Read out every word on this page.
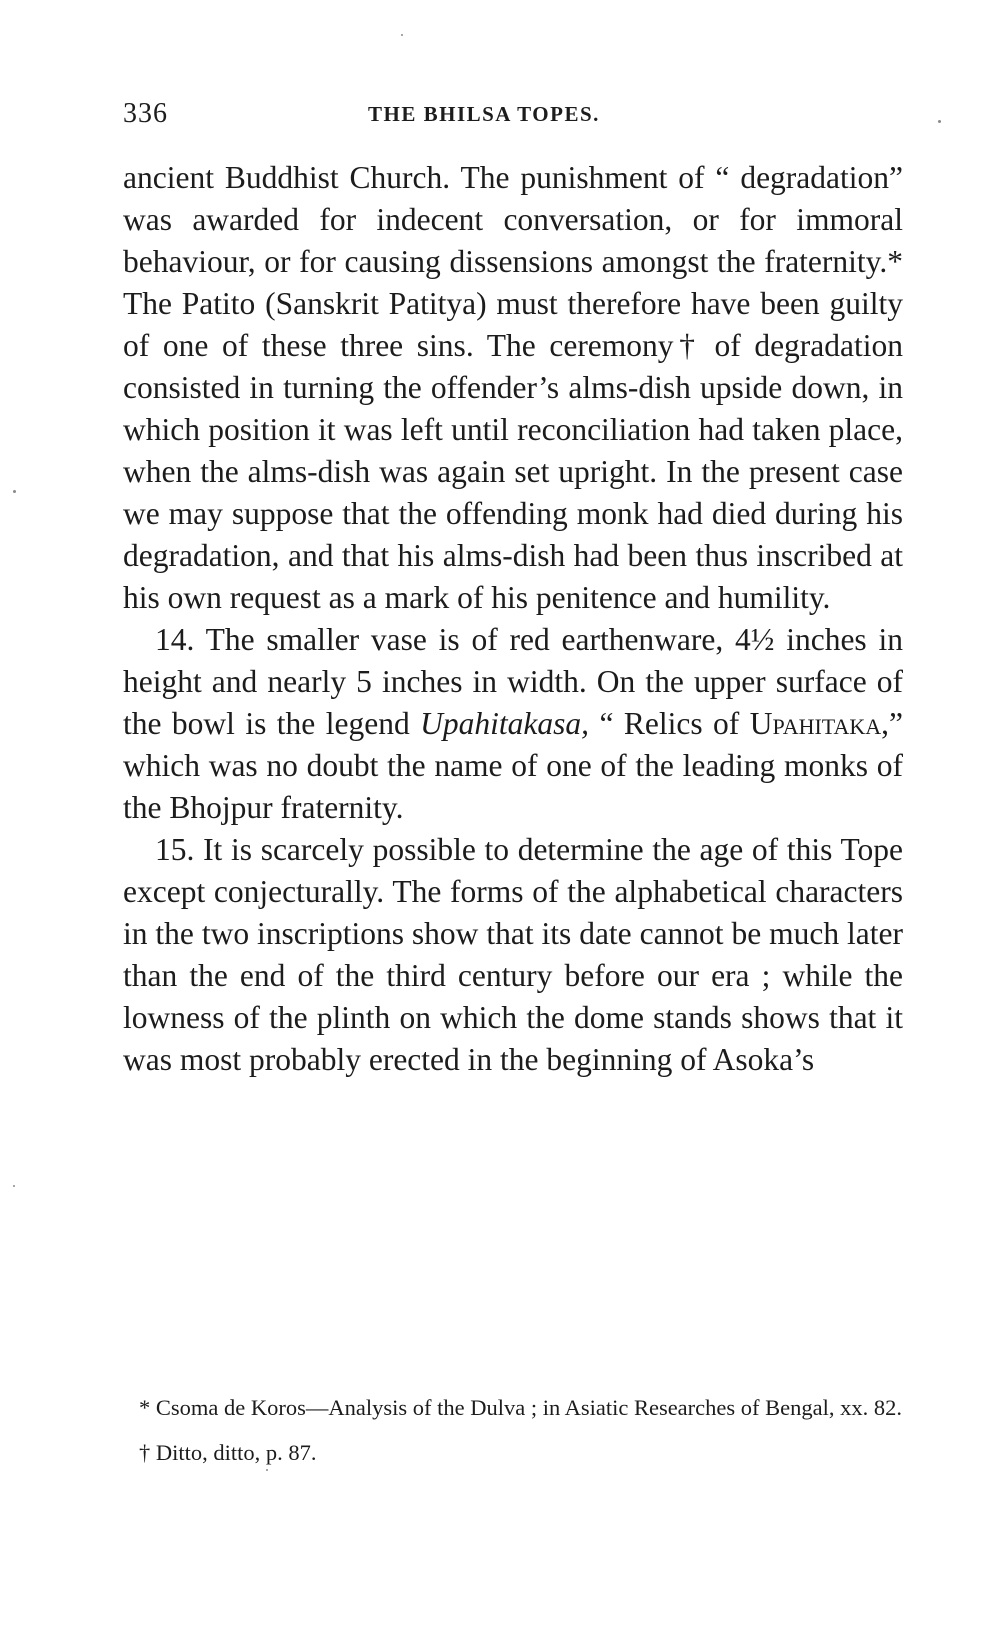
336	THE BHILSA TOPES.

ancient Buddhist Church. The punishment of “ degradation” was awarded for indecent conversation, or for immoral behaviour, or for causing dissensions amongst the fraternity.* The Patito (Sanskrit Patitya) must therefore have been guilty of one of these three sins. The ceremony† of degradation consisted in turning the offender’s alms-dish upside down, in which position it was left until reconciliation had taken place, when the alms-dish was again set upright. In the present case we may suppose that the offending monk had died during his degradation, and that his alms-dish had been thus inscribed at his own request as a mark of his penitence and humility.

14. The smaller vase is of red earthenware, 4½ inches in height and nearly 5 inches in width. On the upper surface of the bowl is the legend Upahitakasa, “ Relics of Upahitaka,” which was no doubt the name of one of the leading monks of the Bhojpur fraternity.

15. It is scarcely possible to determine the age of this Tope except conjecturally. The forms of the alphabetical characters in the two inscriptions show that its date cannot be much later than the end of the third century before our era ; while the lowness of the plinth on which the dome stands shows that it was most probably erected in the beginning of Asoka’s

* Csoma de Koros—Analysis of the Dulva ; in Asiatic Researches of Bengal, xx. 82.

† Ditto, ditto, p. 87.
